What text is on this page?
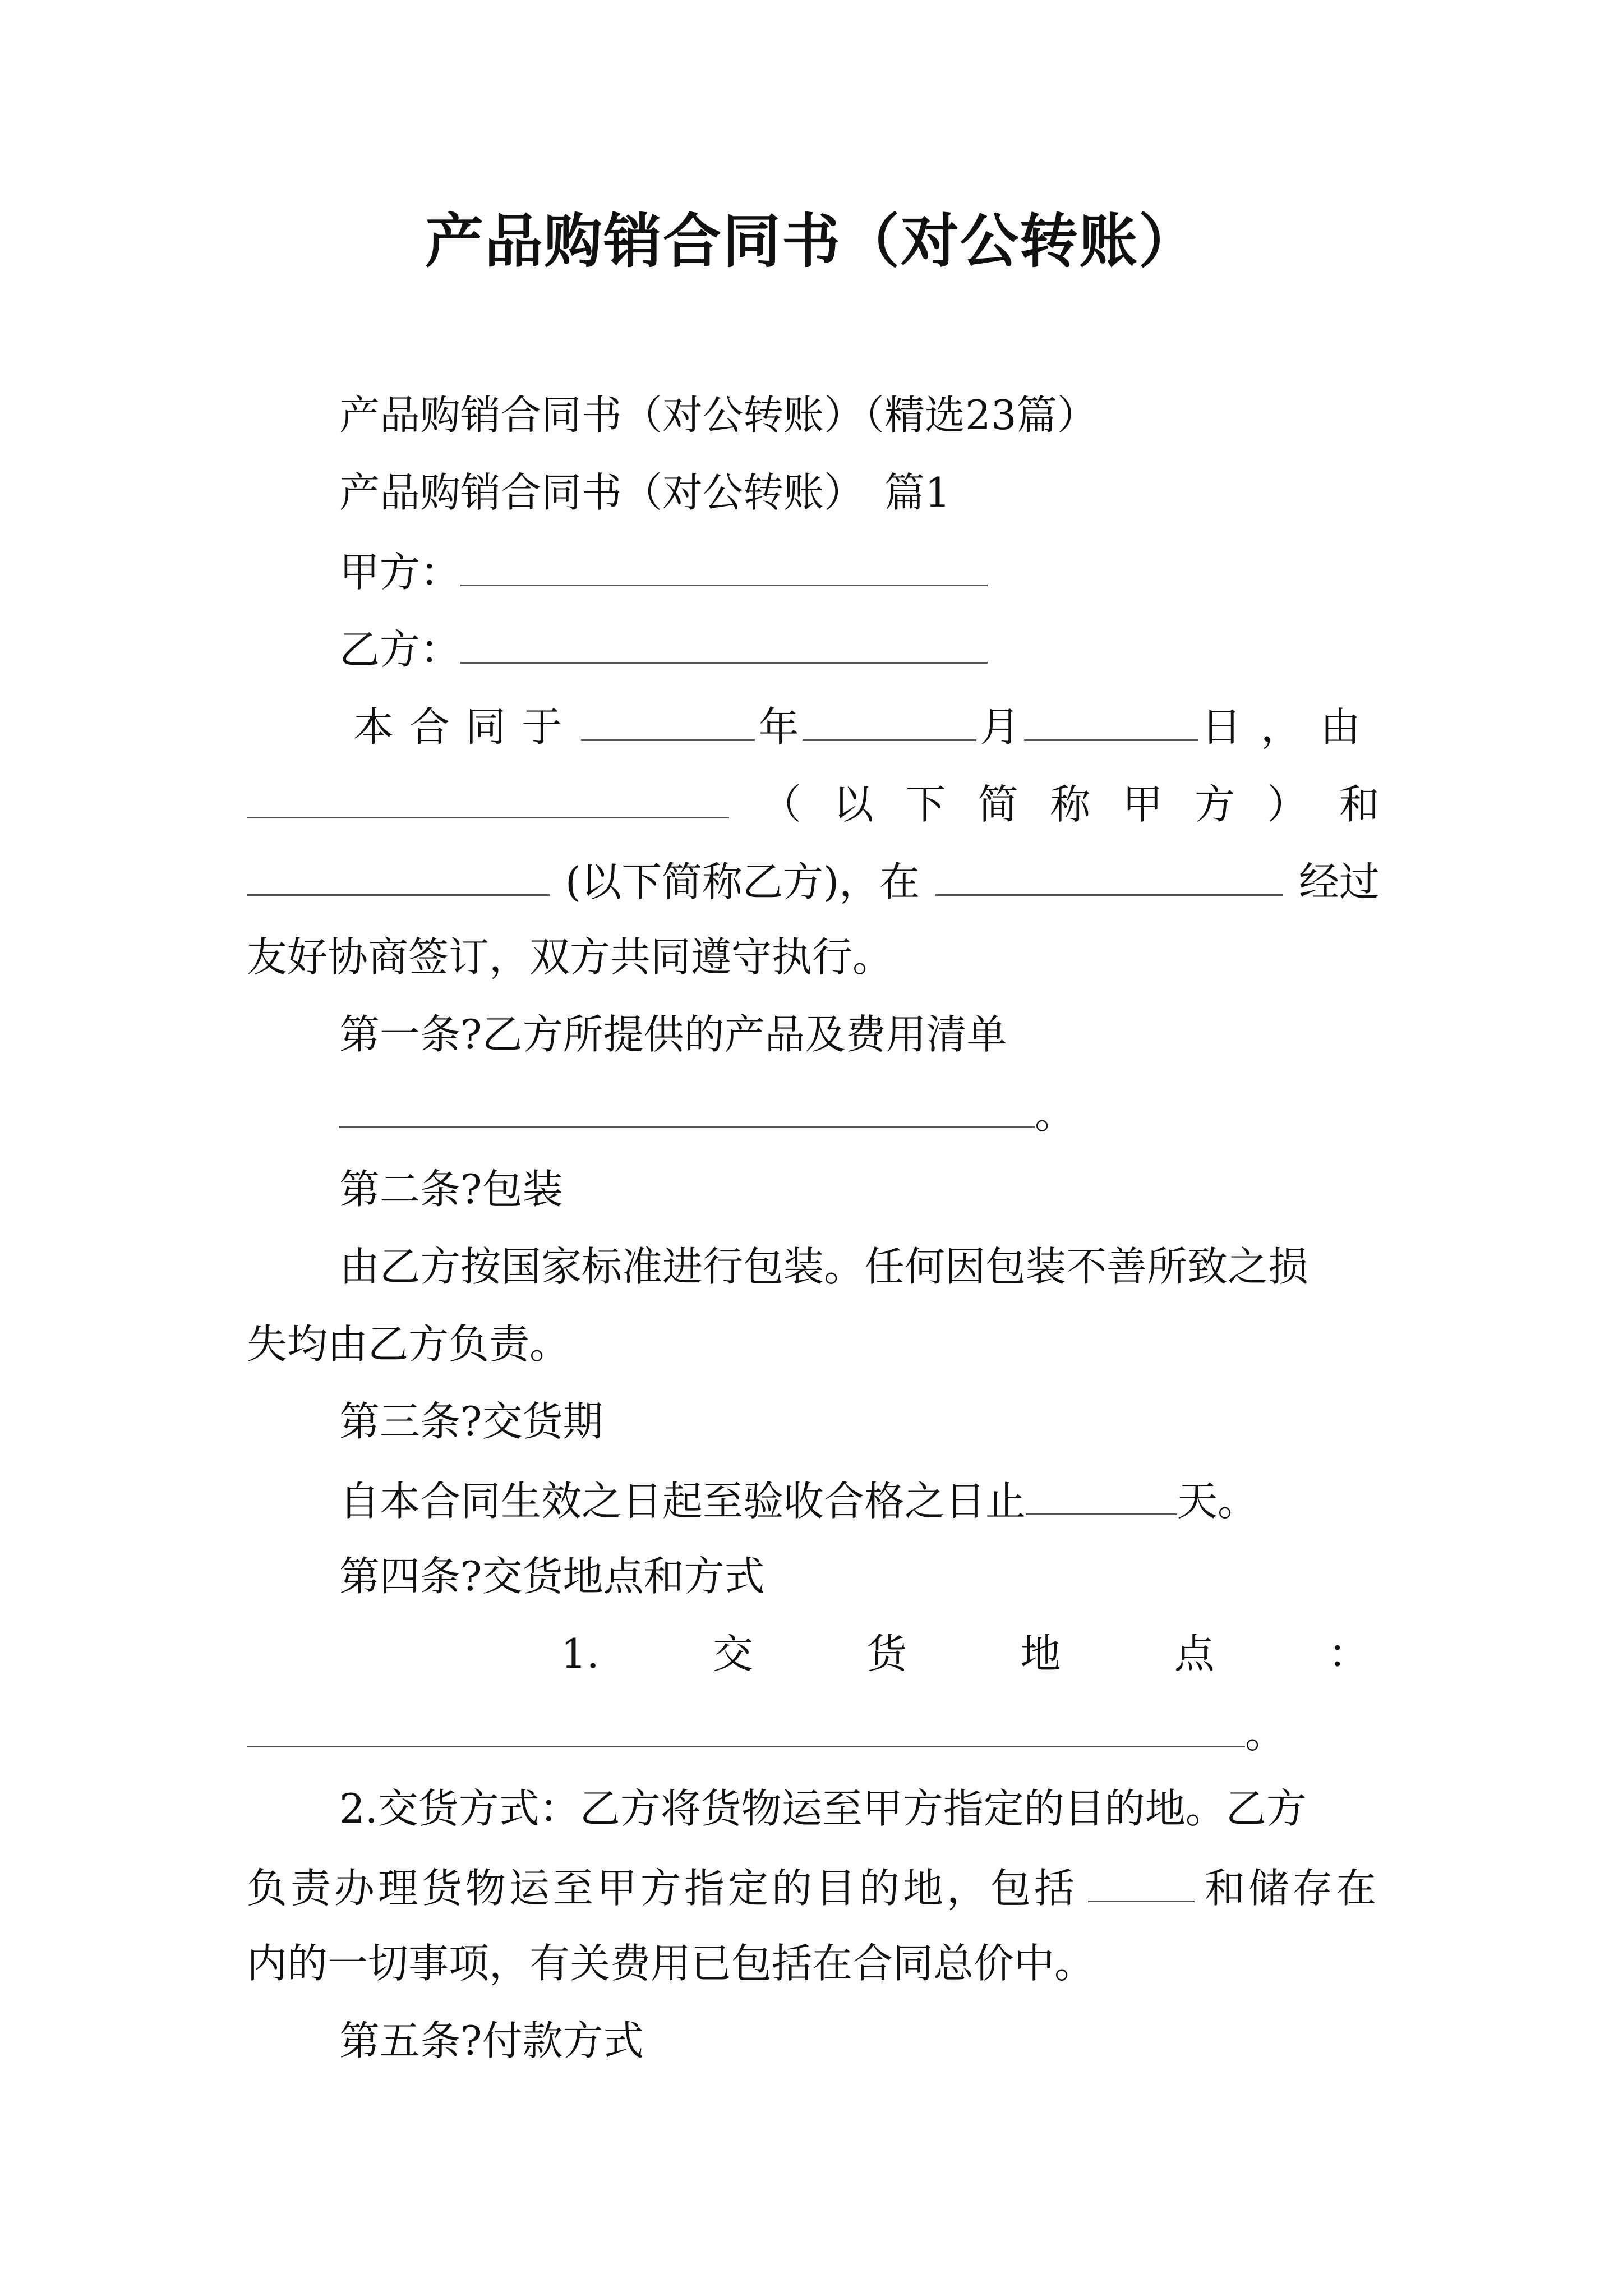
产品购销合同书（对公转账）
产品购销合同书（对公转账）（精选23篇）
产品购销合同书（对公转账）　篇1
甲方：
乙方：
本合同于	年	月	日，由
（ 以 下 简 称 甲 方 ） 和
(以下简称乙方)，在	经过
友好协商签订，双方共同遵守执行。
第一条?乙方所提供的产品及费用清单
。
第二条?包装
由乙方按国家标准进行包装。任何因包装不善所致之损
失均由乙方负责。
第三条?交货期
自本合同生效之日起至验收合格之日止	天。
第四条?交货地点和方式
1.	交	货	地	点	：
。
2.交货方式：乙方将货物运至甲方指定的目的地。乙方
负责办理货物运至甲方指定的目的地，包括	和储存在
内的一切事项，有关费用已包括在合同总价中。
第五条?付款方式
